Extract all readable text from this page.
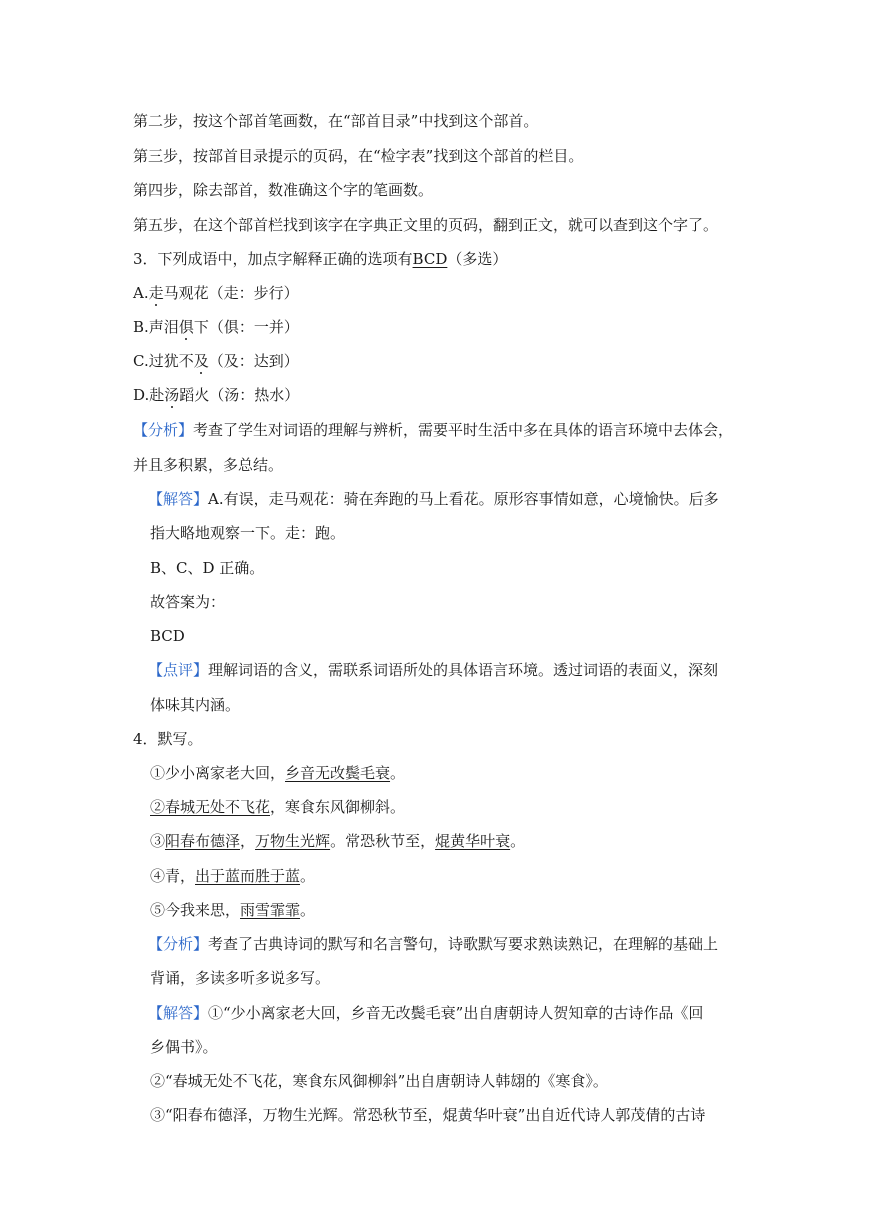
第二步，按这个部首笔画数，在“部首目录”中找到这个部首。
第三步，按部首目录提示的页码，在“检字表”找到这个部首的栏目。
第四步，除去部首，数准确这个字的笔画数。
第五步，在这个部首栏找到该字在字典正文里的页码，翻到正文，就可以查到这个字了。
3．下列成语中，加点字解释正确的选项有BCD（多选）
A.走马观花（走：步行）
B.声泪俱下（俱：一并）
C.过犹不及（及：达到）
D.赴汤蹈火（汤：热水）
【分析】考查了学生对词语的理解与辨析，需要平时生活中多在具体的语言环境中去体会，
并且多积累，多总结。
【解答】A.有误，走马观花：骑在奔跑的马上看花。原形容事情如意，心境愉快。后多
指大略地观察一下。走：跑。
B、C、D 正确。
故答案为：
BCD
【点评】理解词语的含义，需联系词语所处的具体语言环境。透过词语的表面义，深刻
体味其内涵。
4．默写。
①少小离家老大回，乡音无改鬓毛衰。
②春城无处不飞花，寒食东风御柳斜。
③阳春布德泽，万物生光辉。常恐秋节至，焜黄华叶衰。
④青，出于蓝而胜于蓝。
⑤今我来思，雨雪霏霏。
【分析】考查了古典诗词的默写和名言警句，诗歌默写要求熟读熟记，在理解的基础上
背诵，多读多听多说多写。
【解答】①“少小离家老大回，乡音无改鬓毛衰”出自唐朝诗人贺知章的古诗作品《回
乡偶书》。
②“春城无处不飞花，寒食东风御柳斜”出自唐朝诗人韩翃的《寒食》。
③“阳春布德泽，万物生光辉。常恐秋节至，焜黄华叶衰”出自近代诗人郭茂倩的古诗
